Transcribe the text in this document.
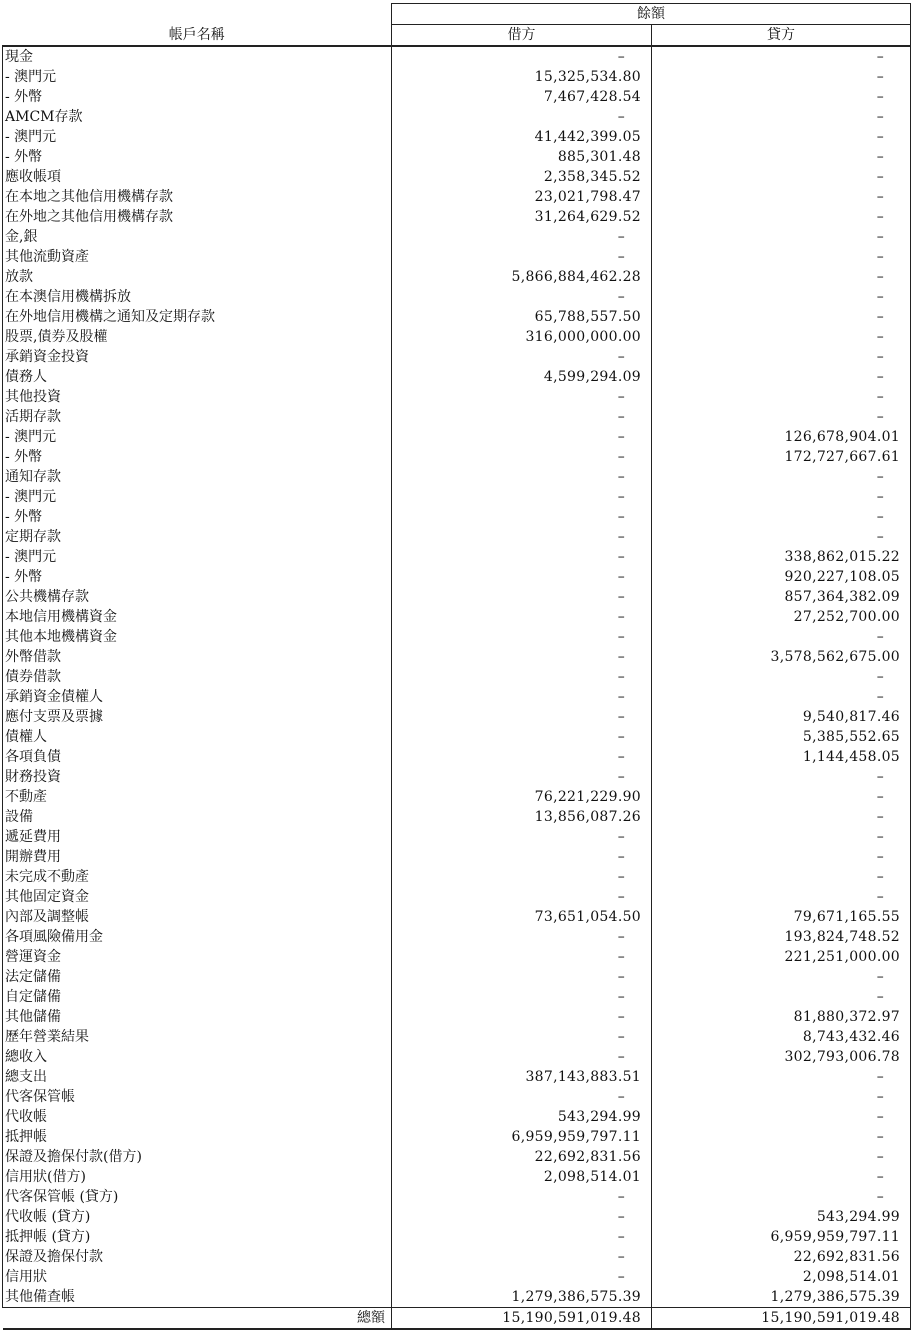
	餘額	
帳戶名稱	借方	貸方
現金	–	–
- 澳門元	15,325,534.80	–
- 外幣	7,467,428.54	–
AMCM存款	–	–
- 澳門元	41,442,399.05	–
- 外幣	885,301.48	–
應收帳項	2,358,345.52	–
在本地之其他信用機構存款	23,021,798.47	–
在外地之其他信用機構存款	31,264,629.52	–
金,銀	–	–
其他流動資產	–	–
放款	5,866,884,462.28	–
在本澳信用機構拆放	–	–
在外地信用機構之通知及定期存款	65,788,557.50	–
股票,債券及股權	316,000,000.00	–
承銷資金投資	–	–
債務人	4,599,294.09	–
其他投資	–	–
活期存款	–	–
- 澳門元	–	126,678,904.01
- 外幣	–	172,727,667.61
通知存款	–	–
- 澳門元	–	–
- 外幣	–	–
定期存款	–	–
- 澳門元	–	338,862,015.22
- 外幣	–	920,227,108.05
公共機構存款	–	857,364,382.09
本地信用機構資金	–	27,252,700.00
其他本地機構資金	–	–
外幣借款	–	3,578,562,675.00
債券借款	–	–
承銷資金債權人	–	–
應付支票及票據	–	9,540,817.46
債權人	–	5,385,552.65
各項負債	–	1,144,458.05
財務投資	–	–
不動產	76,221,229.90	–
設備	13,856,087.26	–
遞延費用	–	–
開辦費用	–	–
未完成不動產	–	–
其他固定資金	–	–
內部及調整帳	73,651,054.50	79,671,165.55
各項風險備用金	–	193,824,748.52
營運資金	–	221,251,000.00
法定儲備	–	–
自定儲備	–	–
其他儲備	–	81,880,372.97
歷年營業結果	–	8,743,432.46
總收入	–	302,793,006.78
總支出	387,143,883.51	–
代客保管帳	–	–
代收帳	543,294.99	–
抵押帳	6,959,959,797.11	–
保證及擔保付款(借方)	22,692,831.56	–
信用狀(借方)	2,098,514.01	–
代客保管帳 (貸方)	–	–
代收帳 (貸方)	–	543,294.99
抵押帳 (貸方)	–	6,959,959,797.11
保證及擔保付款	–	22,692,831.56
信用狀	–	2,098,514.01
其他備查帳	1,279,386,575.39	1,279,386,575.39
總額	15,190,591,019.48	15,190,591,019.48
